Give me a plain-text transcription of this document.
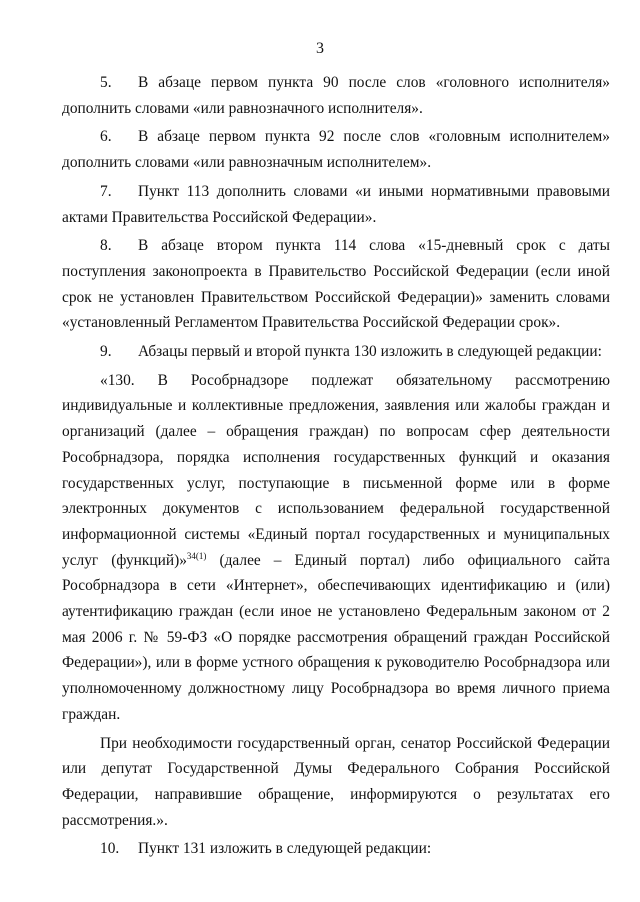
3

5. В абзаце первом пункта 90 после слов «головного исполнителя» дополнить словами «или равнозначного исполнителя».

6. В абзаце первом пункта 92 после слов «головным исполнителем» дополнить словами «или равнозначным исполнителем».

7. Пункт 113 дополнить словами «и иными нормативными правовыми актами Правительства Российской Федерации».

8. В абзаце втором пункта 114 слова «15-дневный срок с даты поступления законопроекта в Правительство Российской Федерации (если иной срок не установлен Правительством Российской Федерации)» заменить словами «установленный Регламентом Правительства Российской Федерации срок».

9. Абзацы первый и второй пункта 130 изложить в следующей редакции:

«130. В Рособрнадзоре подлежат обязательному рассмотрению индивидуальные и коллективные предложения, заявления или жалобы граждан и организаций (далее – обращения граждан) по вопросам сфер деятельности Рособрнадзора, порядка исполнения государственных функций и оказания государственных услуг, поступающие в письменной форме или в форме электронных документов с использованием федеральной государственной информационной системы «Единый портал государственных и муниципальных услуг (функций)»$^{34(1)}$ (далее – Единый портал) либо официального сайта Рособрнадзора в сети «Интернет», обеспечивающих идентификацию и (или) аутентификацию граждан (если иное не установлено Федеральным законом от 2 мая 2006 г. № 59-ФЗ «О порядке рассмотрения обращений граждан Российской Федерации»), или в форме устного обращения к руководителю Рособрнадзора или уполномоченному должностному лицу Рособрнадзора во время личного приема граждан.

При необходимости государственный орган, сенатор Российской Федерации или депутат Государственной Думы Федерального Собрания Российской Федерации, направившие обращение, информируются о результатах его рассмотрения.».

10. Пункт 131 изложить в следующей редакции:
